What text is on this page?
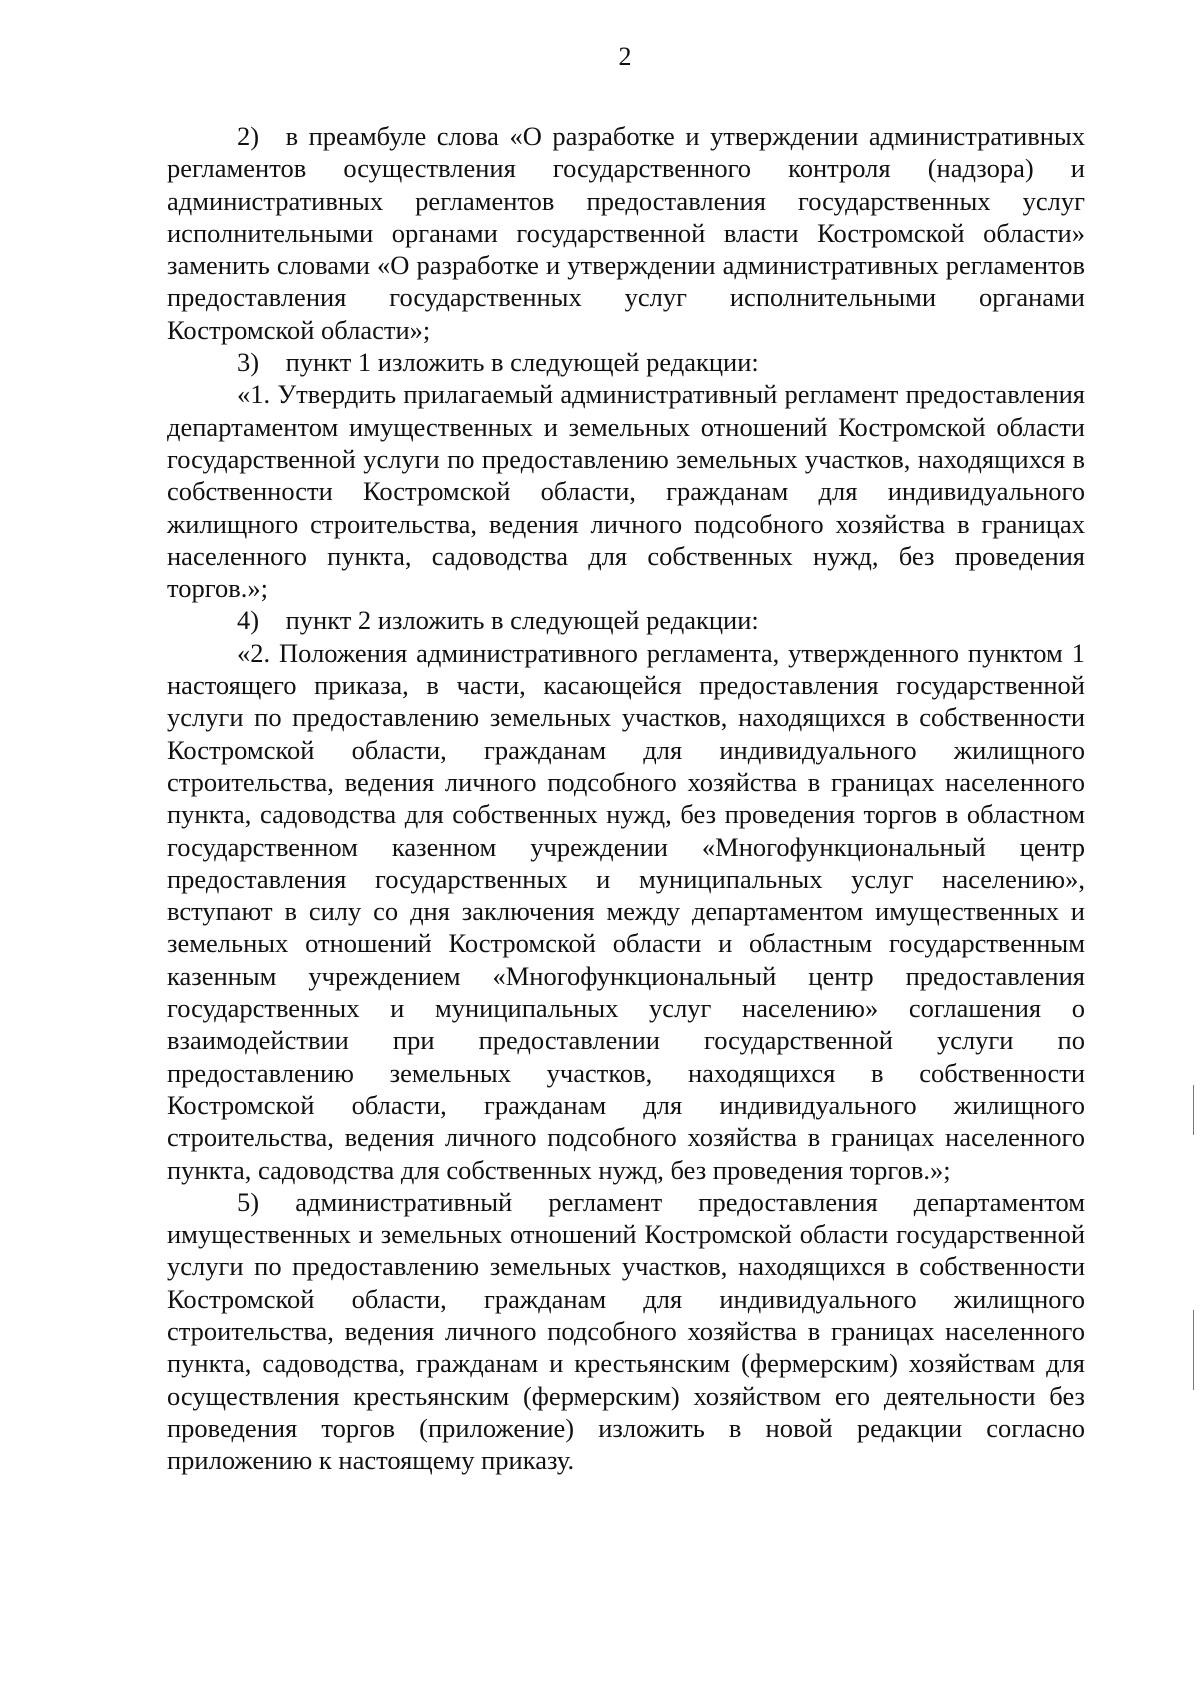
2

2) в преамбуле слова «О разработке и утверждении административных регламентов осуществления государственного контроля (надзора) и административных регламентов предоставления государственных услуг исполнительными органами государственной власти Костромской области» заменить словами «О разработке и утверждении административных регламентов предоставления государственных услуг исполнительными органами Костромской области»;

3) пункт 1 изложить в следующей редакции:

«1. Утвердить прилагаемый административный регламент предоставления департаментом имущественных и земельных отношений Костромской области государственной услуги по предоставлению земельных участков, находящихся в собственности Костромской области, гражданам для индивидуального жилищного строительства, ведения личного подсобного хозяйства в границах населенного пункта, садоводства для собственных нужд, без проведения торгов.»;

4) пункт 2 изложить в следующей редакции:

«2. Положения административного регламента, утвержденного пунктом 1 настоящего приказа, в части, касающейся предоставления государственной услуги по предоставлению земельных участков, находящихся в собственности Костромской области, гражданам для индивидуального жилищного строительства, ведения личного подсобного хозяйства в границах населенного пункта, садоводства для собственных нужд, без проведения торгов в областном государственном казенном учреждении «Многофункциональный центр предоставления государственных и муниципальных услуг населению», вступают в силу со дня заключения между департаментом имущественных и земельных отношений Костромской области и областным государственным казенным учреждением «Многофункциональный центр предоставления государственных и муниципальных услуг населению» соглашения о взаимодействии при предоставлении государственной услуги по предоставлению земельных участков, находящихся в собственности Костромской области, гражданам для индивидуального жилищного строительства, ведения личного подсобного хозяйства в границах населенного пункта, садоводства для собственных нужд, без проведения торгов.»;

5) административный регламент предоставления департаментом имущественных и земельных отношений Костромской области государственной услуги по предоставлению земельных участков, находящихся в собственности Костромской области, гражданам для индивидуального жилищного строительства, ведения личного подсобного хозяйства в границах населенного пункта, садоводства, гражданам и крестьянским (фермерским) хозяйствам для осуществления крестьянским (фермерским) хозяйством его деятельности без проведения торгов (приложение) изложить в новой редакции согласно приложению к настоящему приказу.
